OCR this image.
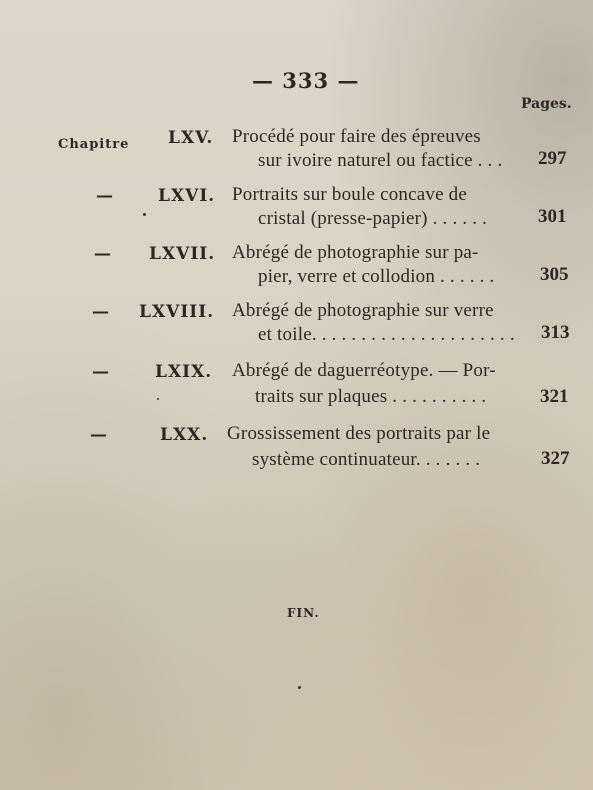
— 333 —
Pages.
Chapitre LXV. Procédé pour faire des épreuves
sur ivoire naturel ou factice . . . 297
—	LXVI. Portraits sur boule concave de
cristal (presse-papier) . . . . . .	301
— LXVII. Abrégé de photographie sur pa-
pier, verre et collodion . . . . . . 305
— LXVIII. Abrégé de photographie sur verre
et toile. . . . . . . . . . . . . . . . . . . . . 313
—	LXIX. Abrégé de daguerréotype. — Por-
traits sur plaques . . . . . . . . . .	321
—	LXX. Grossissement des portraits par le
système continuateur. . . . . . .	327
FIN.
